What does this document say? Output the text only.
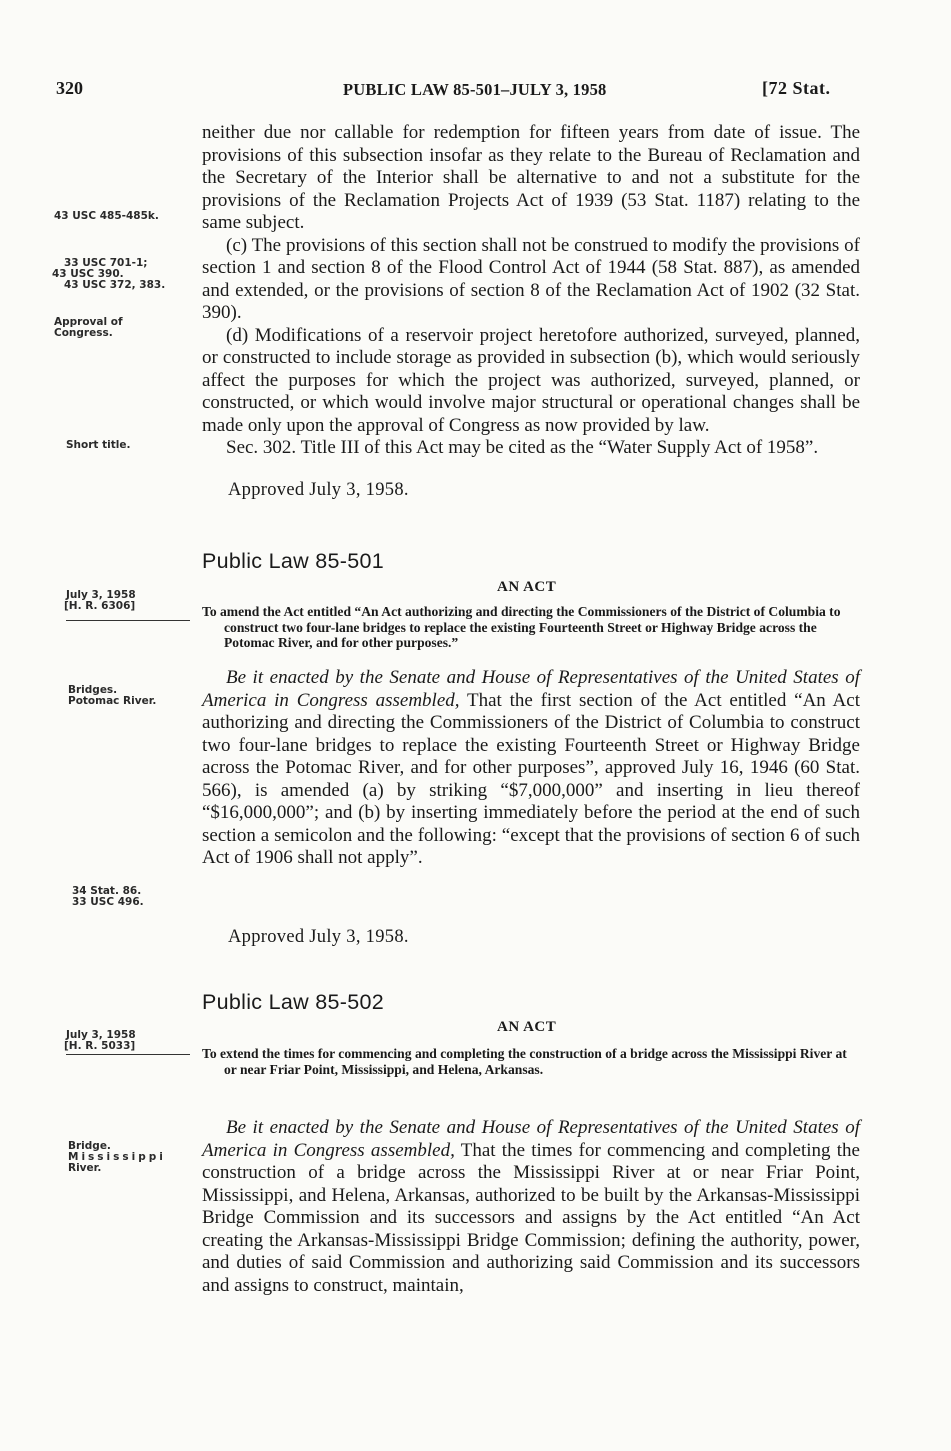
320	PUBLIC LAW 85-501–JULY 3, 1958	[72 Stat.

neither due nor callable for redemption for fifteen years from date of issue. The provisions of this subsection insofar as they relate to the Bureau of Reclamation and the Secretary of the Interior shall be alternative to and not a substitute for the provisions of the Reclamation Projects Act of 1939 (53 Stat. 1187) relating to the same subject.

(c) The provisions of this section shall not be construed to modify the provisions of section 1 and section 8 of the Flood Control Act of 1944 (58 Stat. 887), as amended and extended, or the provisions of section 8 of the Reclamation Act of 1902 (32 Stat. 390).

(d) Modifications of a reservoir project heretofore authorized, surveyed, planned, or constructed to include storage as provided in subsection (b), which would seriously affect the purposes for which the project was authorized, surveyed, planned, or constructed, or which would involve major structural or operational changes shall be made only upon the approval of Congress as now provided by law.

Sec. 302. Title III of this Act may be cited as the “Water Supply Act of 1958”.

Approved July 3, 1958.
43 USC 485-485k.
33 USC 701-1;
43 USC 390.
43 USC 372, 383.
Approval of Congress.
Short title.
Public Law 85-501
AN ACT
July 3, 1958
[H. R. 6306]	To amend the Act entitled “An Act authorizing and directing the Commissioners of the District of Columbia to construct two four-lane bridges to replace the existing Fourteenth Street or Highway Bridge across the Potomac River, and for other purposes.”

Be it enacted by the Senate and House of Representatives of the United States of America in Congress assembled, That the first section of the Act entitled “An Act authorizing and directing the Commissioners of the District of Columbia to construct two four-lane bridges to replace the existing Fourteenth Street or Highway Bridge across the Potomac River, and for other purposes”, approved July 16, 1946 (60 Stat. 566), is amended (a) by striking “$7,000,000” and inserting in lieu thereof “$16,000,000”; and (b) by inserting immediately before the period at the end of such section a semicolon and the following: “except that the provisions of section 6 of such Act of 1906 shall not apply”.

Bridges.
Potomac River.
34 Stat. 86.
33 USC 496.
Approved July 3, 1958.
Public Law 85-502
AN ACT
July 3, 1958
[H. R. 5033]	To extend the times for commencing and completing the construction of a bridge across the Mississippi River at or near Friar Point, Mississippi, and Helena, Arkansas.

Be it enacted by the Senate and House of Representatives of the United States of America in Congress assembled, That the times for commencing and completing the construction of a bridge across the Mississippi River at or near Friar Point, Mississippi, and Helena, Arkansas, authorized to be built by the Arkansas-Mississippi Bridge Commission and its successors and assigns by the Act entitled “An Act creating the Arkansas-Mississippi Bridge Commission; defining the authority, power, and duties of said Commission and authorizing said Commission and its successors and assigns to construct, maintain,

Bridge.
Mississippi
River.
